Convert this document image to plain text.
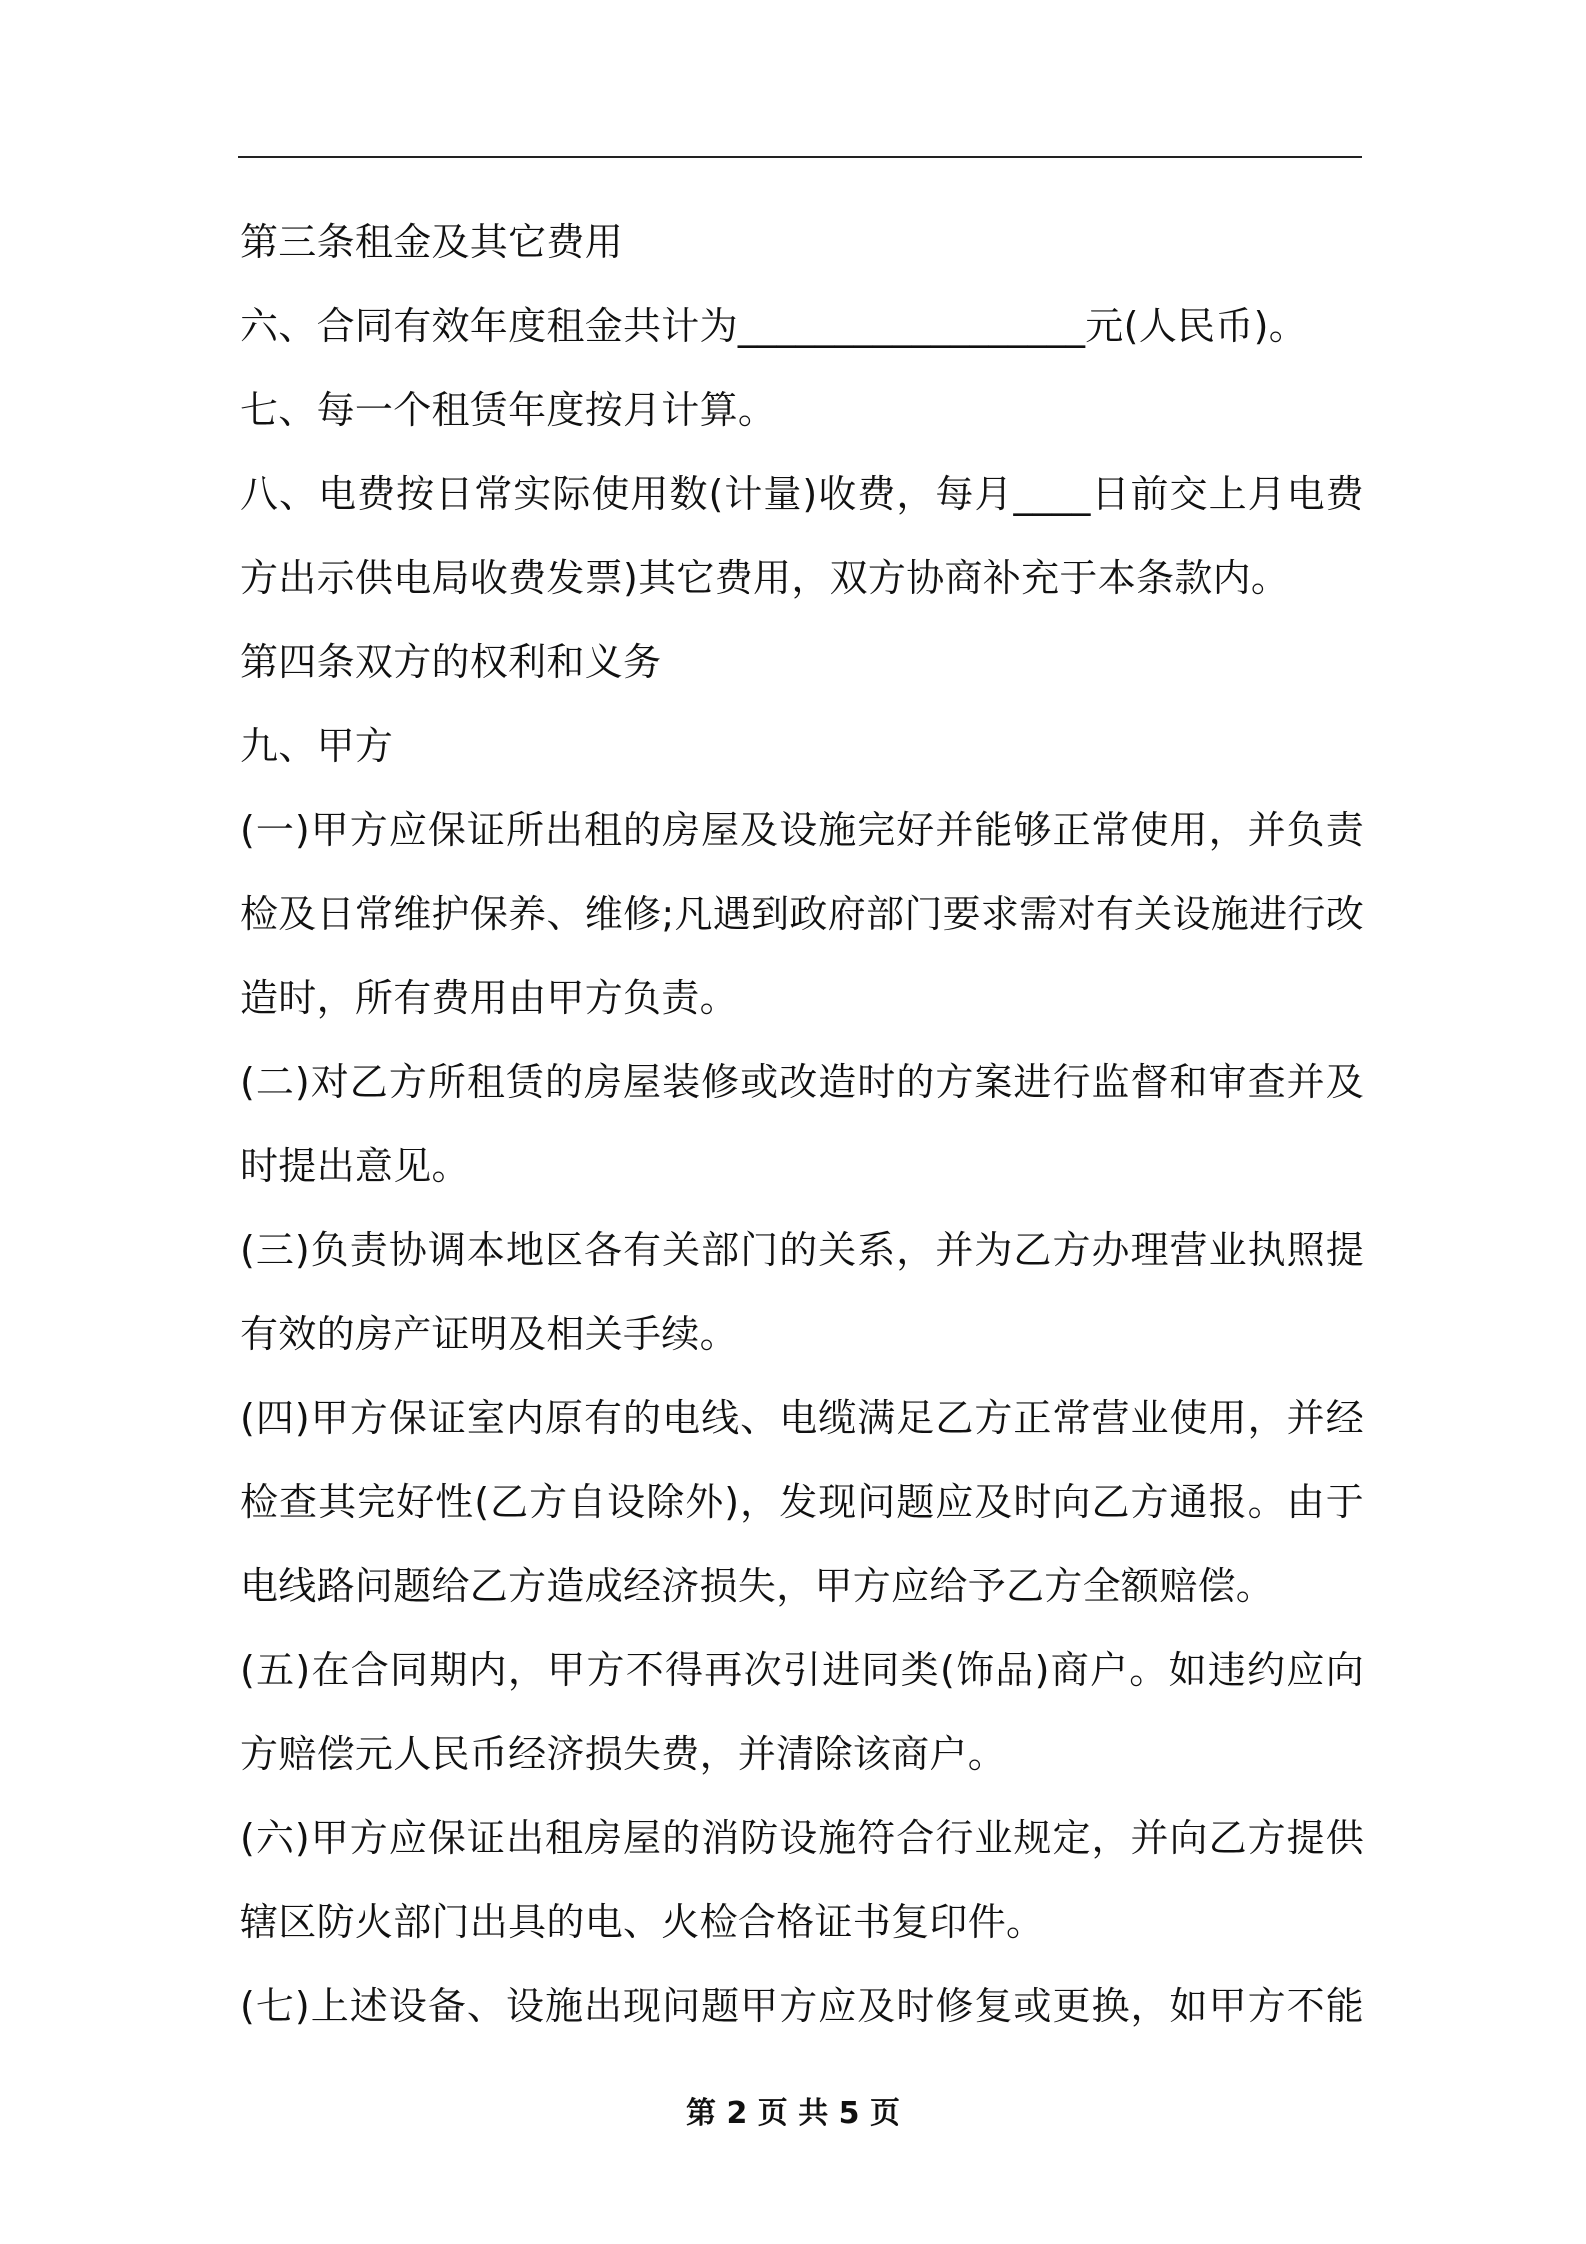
第三条租金及其它费用
六、合同有效年度租金共计为__________________元(人民币)。
七、每一个租赁年度按月计算。
八、电费按日常实际使用数(计量)收费，每月____日前交上月电费
方出示供电局收费发票)其它费用，双方协商补充于本条款内。
第四条双方的权利和义务
九、甲方
(一)甲方应保证所出租的房屋及设施完好并能够正常使用，并负责
检及日常维护保养、维修;凡遇到政府部门要求需对有关设施进行改
造时，所有费用由甲方负责。
(二)对乙方所租赁的房屋装修或改造时的方案进行监督和审查并及
时提出意见。
(三)负责协调本地区各有关部门的关系，并为乙方办理营业执照提
有效的房产证明及相关手续。
(四)甲方保证室内原有的电线、电缆满足乙方正常营业使用，并经
检查其完好性(乙方自设除外)，发现问题应及时向乙方通报。由于
电线路问题给乙方造成经济损失，甲方应给予乙方全额赔偿。
(五)在合同期内，甲方不得再次引进同类(饰品)商户。如违约应向
方赔偿元人民币经济损失费，并清除该商户。
(六)甲方应保证出租房屋的消防设施符合行业规定，并向乙方提供
辖区防火部门出具的电、火检合格证书复印件。
(七)上述设备、设施出现问题甲方应及时修复或更换，如甲方不能
第 2 页 共 5 页
